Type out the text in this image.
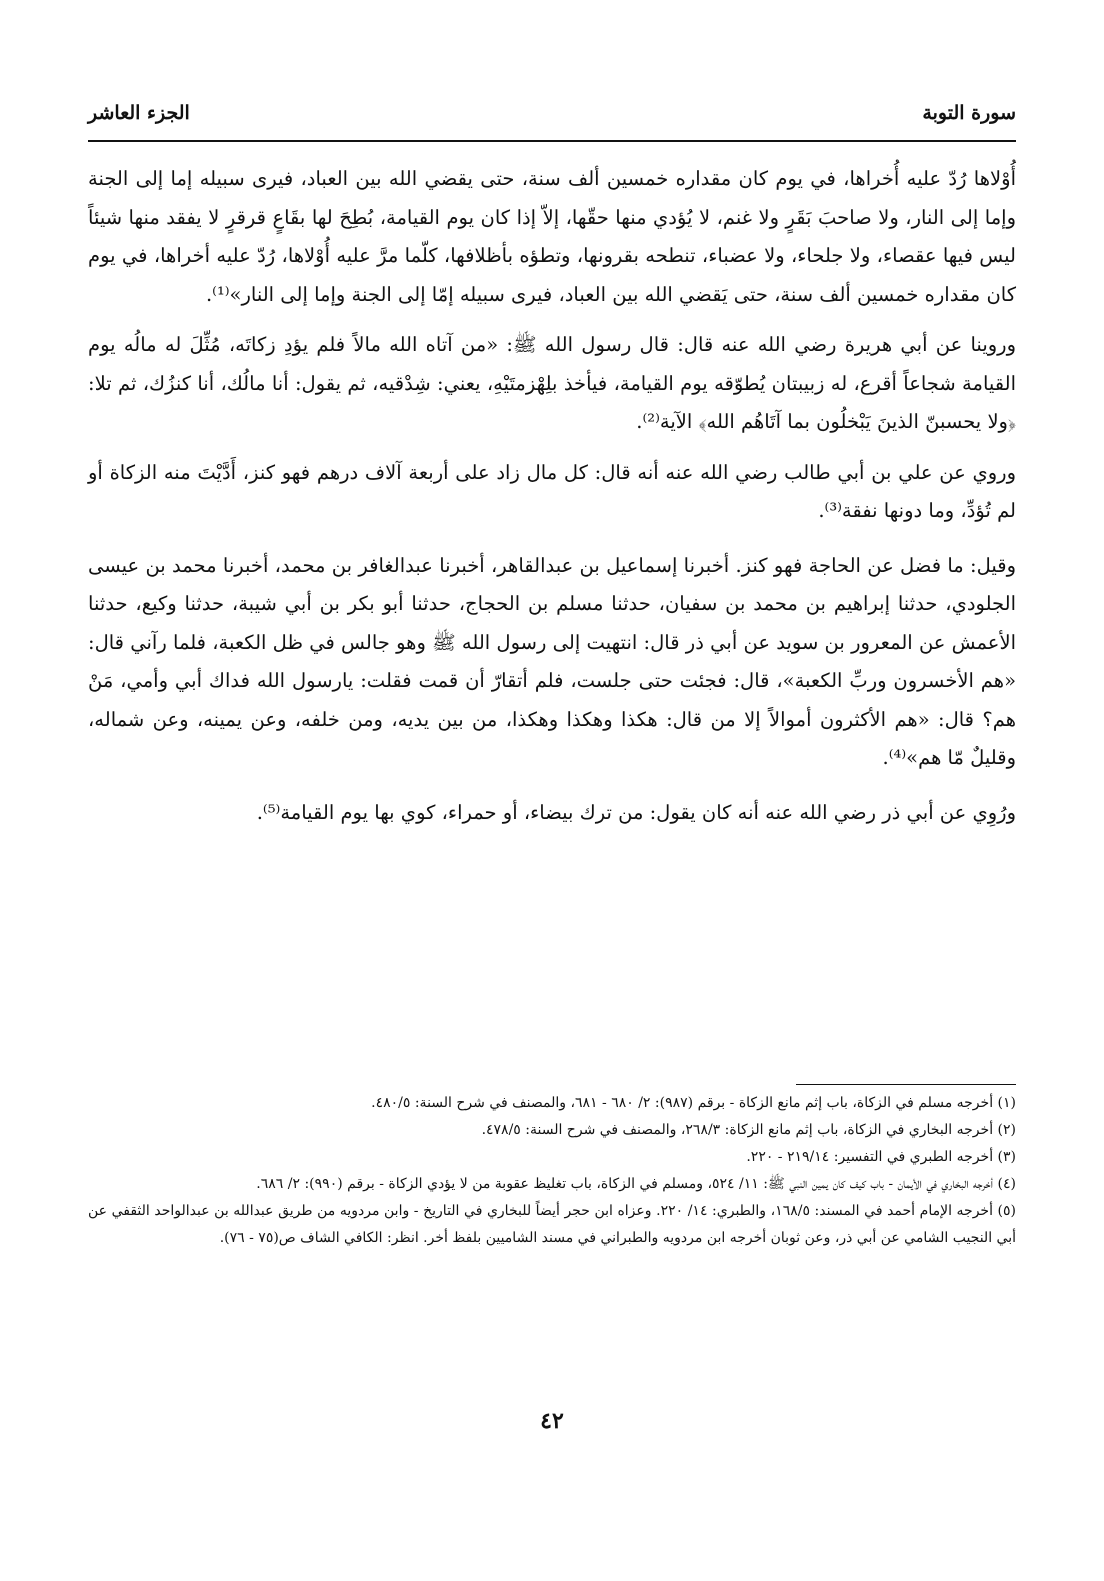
سورة التوبة
الجزء العاشر

أُوْلاها رُدّ عليه أُخراها، في يوم كان مقداره خمسين ألف سنة، حتى يقضي الله بين العباد، فيرى سبيله إما إلى الجنة وإما إلى النار، ولا صاحبَ بَقَرٍ ولا غنم، لا يُؤدي منها حقّها، إلاّ إذا كان يوم القيامة، بُطِحَ لها بقَاعٍ قرقرٍ لا يفقد منها شيئاً ليس فيها عقصاء، ولا جلحاء، ولا عضباء، تنطحه بقرونها، وتطؤه بأظلافها، كلّما مرَّ عليه أُوْلاها، رُدّ عليه أخراها، في يوم كان مقداره خمسين ألف سنة، حتى يَقضي الله بين العباد، فيرى سبيله إمّا إلى الجنة وإما إلى النار»⁽¹⁾.

وروينا عن أبي هريرة رضي الله عنه قال: قال رسول الله ﷺ: «من آتاه الله مالاً فلم يؤدِ زكاتَه، مُثِّلَ له مالُه يوم القيامة شجاعاً أقرع، له زبيبتان يُطوّقه يوم القيامة، فيأخذ بلِهْزمتَيْهِ، يعني: شِدْقيه، ثم يقول: أنا مالُك، أنا كنزُك، ثم تلا: ﴿ولا يحسبنّ الذينَ يَبْخلُون بما آتَاهُم الله﴾ الآية⁽²⁾.

وروي عن علي بن أبي طالب رضي الله عنه أنه قال: كل مال زاد على أربعة آلاف درهم فهو كنز، أَدَّيْتَ منه الزكاة أو لم تُؤدِّ، وما دونها نفقة⁽³⁾.

وقيل: ما فضل عن الحاجة فهو كنز. أخبرنا إسماعيل بن عبدالقاهر، أخبرنا عبدالغافر بن محمد، أخبرنا محمد بن عيسى الجلودي، حدثنا إبراهيم بن محمد بن سفيان، حدثنا مسلم بن الحجاج، حدثنا أبو بكر بن أبي شيبة، حدثنا وكيع، حدثنا الأعمش عن المعرور بن سويد عن أبي ذر قال: انتهيت إلى رسول الله ﷺ وهو جالس في ظل الكعبة، فلما رآني قال: «هم الأخسرون وربِّ الكعبة»، قال: فجئت حتى جلست، فلم أتقارّ أن قمت فقلت: يارسول الله فداك أبي وأمي، مَنْ هم؟ قال: «هم الأكثرون أموالاً إلا من قال: هكذا وهكذا وهكذا، من بين يديه، ومن خلفه، وعن يمينه، وعن شماله، وقليلٌ مّا هم»⁽⁴⁾.

ورُوِي عن أبي ذر رضي الله عنه أنه كان يقول: من ترك بيضاء، أو حمراء، كوي بها يوم القيامة⁽⁵⁾.

(١) أخرجه مسلم في الزكاة، باب إثم مانع الزكاة - برقم (٩٨٧): ٢/ ٦٨٠ - ٦٨١، والمصنف في شرح السنة: ٤٨٠/٥.

(٢) أخرجه البخاري في الزكاة، باب إثم مانع الزكاة: ٢٦٨/٣، والمصنف في شرح السنة: ٤٧٨/٥.

(٣) أخرجه الطبري في التفسير: ٢١٩/١٤ - ٢٢٠.

(٤) أخرجه البخاري في الأيمان - باب كيف كان يمين النبي ﷺ: ١١/ ٥٢٤، ومسلم في الزكاة، باب تغليظ عقوبة من لا يؤدي الزكاة - برقم (٩٩٠): ٢/ ٦٨٦.

(٥) أخرجه الإمام أحمد في المسند: ١٦٨/٥، والطبري: ١٤/ ٢٢٠. وعزاه ابن حجر أيضاً للبخاري في التاريخ - وابن مردويه من طريق عبدالله بن عبدالواحد الثقفي عن أبي النجيب الشامي عن أبي ذر، وعن ثوبان أخرجه ابن مردويه والطبراني في مسند الشاميين بلفظ أخر. انظر: الكافي الشاف ص(٧٥ - ٧٦).

٤٢
